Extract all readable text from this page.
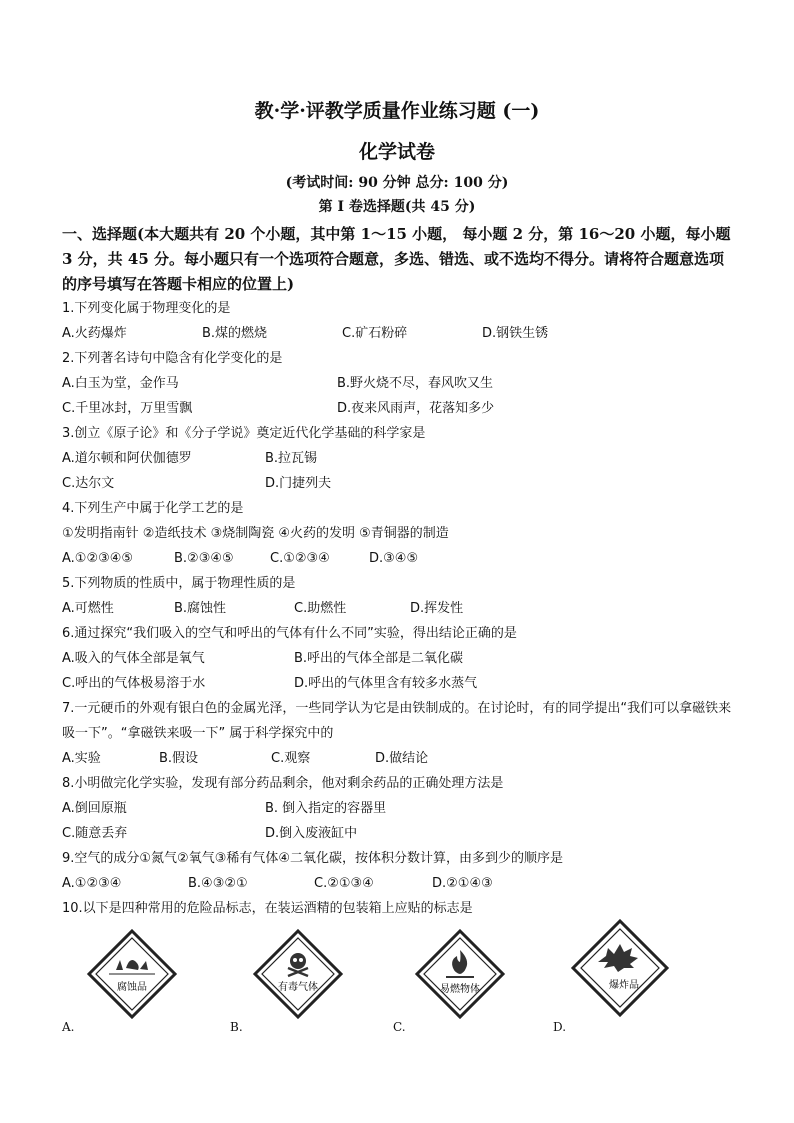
教·学·评教学质量作业练习题 (一)
化学试卷
(考试时间: 90 分钟 总分: 100 分)
第 I 卷选择题(共 45 分)
一、选择题(本大题共有 20 个小题，其中第 1～15 小题， 每小题 2 分，第 16～20 小题，每小题 3 分，共 45 分。每小题只有一个选项符合题意，多选、错选、或不选均不得分。请将符合题意选项的序号填写在答题卡相应的位置上)
1.下列变化属于物理变化的是
A.火药爆炸	B.煤的燃烧	C.矿石粉碎	D.钢铁生锈
2.下列著名诗句中隐含有化学变化的是
A.白玉为堂，金作马	B.野火烧不尽，春风吹又生
C.千里冰封，万里雪飘	D.夜来风雨声，花落知多少
3.创立《原子论》和《分子学说》奠定近代化学基础的科学家是
A.道尔顿和阿伏伽德罗	B.拉瓦锡
C.达尔文	D.门捷列夫
4.下列生产中属于化学工艺的是
①发明指南针 ②造纸技术 ③烧制陶瓷 ④火药的发明 ⑤青铜器的制造
A.①②③④⑤	B.②③④⑤	C.①②③④	D.③④⑤
5.下列物质的性质中，属于物理性质的是
A.可燃性	B.腐蚀性	C.助燃性	D.挥发性
6.通过探究“我们吸入的空气和呼出的气体有什么不同”实验，得出结论正确的是
A.吸入的气体全部是氧气	B.呼出的气体全部是二氧化碳
C.呼出的气体极易溶于水	D.呼出的气体里含有较多水蒸气
7.一元硬币的外观有银白色的金属光泽，一些同学认为它是由铁制成的。在讨论时，有的同学提出“我们可以拿磁铁来吸一下”。“拿磁铁来吸一下” 属于科学探究中的
A.实验	B.假设	C.观察	D.做结论
8.小明做完化学实验，发现有部分药品剩余，他对剩余药品的正确处理方法是
A.倒回原瓶	B. 倒入指定的容器里
C.随意丢弃	D.倒入废液缸中
9.空气的成分①氮气②氧气③稀有气体④二氧化碳，按体积分数计算，由多到少的顺序是
A.①②③④	B.④③②①	C.②①③④	D.②①④③
10.以下是四种常用的危险品标志，在装运酒精的包装箱上应贴的标志是
腐蚀品
A.
有毒气体
B.
易燃物体
C.
爆炸品
D.
